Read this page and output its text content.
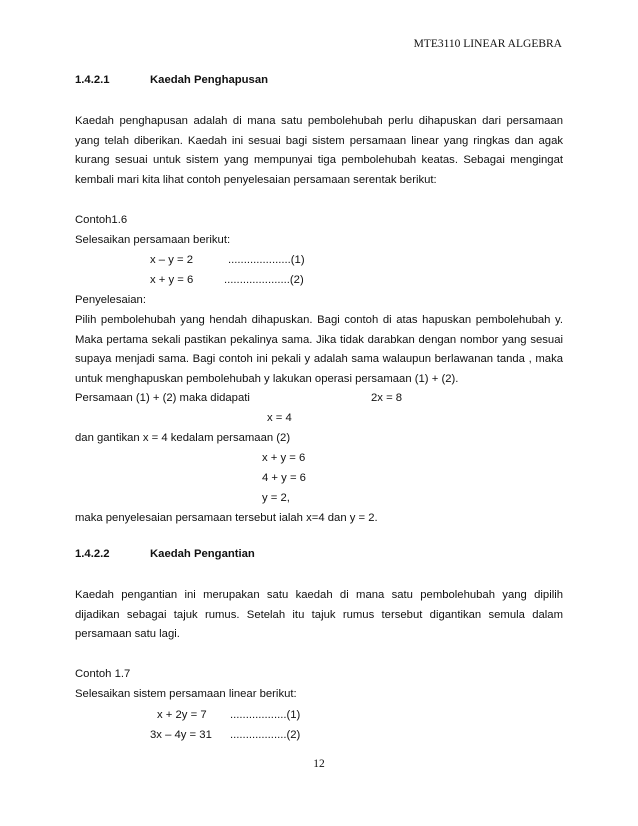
MTE3110 LINEAR ALGEBRA
1.4.2.1	Kaedah Penghapusan
Kaedah penghapusan adalah di mana satu pembolehubah perlu dihapuskan dari persamaan yang telah diberikan. Kaedah ini sesuai bagi sistem persamaan linear yang ringkas dan agak kurang sesuai untuk sistem yang mempunyai tiga pembolehubah keatas. Sebagai mengingat kembali mari kita lihat contoh penyelesaian persamaan serentak berikut:
Contoh1.6
Selesaikan persamaan berikut:
x – y = 2	....................(1)
x + y = 6	.....................(2)
Penyelesaian:
Pilih pembolehubah yang hendah dihapuskan. Bagi contoh di atas hapuskan pembolehubah y. Maka pertama sekali pastikan pekalinya sama. Jika tidak darabkan dengan nombor yang sesuai supaya menjadi sama. Bagi contoh ini pekali y adalah sama walaupun berlawanan tanda , maka untuk menghapuskan pembolehubah y lakukan operasi persamaan (1) + (2).
Persamaan (1) + (2) maka didapati	2x = 8
x = 4
dan gantikan x = 4 kedalam persamaan (2)
x + y = 6
4 + y = 6
y = 2,
maka penyelesaian persamaan tersebut ialah x=4 dan y = 2.
1.4.2.2	Kaedah Pengantian
Kaedah pengantian ini merupakan satu kaedah di mana satu pembolehubah yang dipilih dijadikan sebagai tajuk rumus. Setelah itu tajuk rumus tersebut digantikan semula dalam persamaan satu lagi.
Contoh 1.7
Selesaikan sistem persamaan linear berikut:
x + 2y = 7 ..................(1)
3x – 4y = 31 ..................(2)
12
